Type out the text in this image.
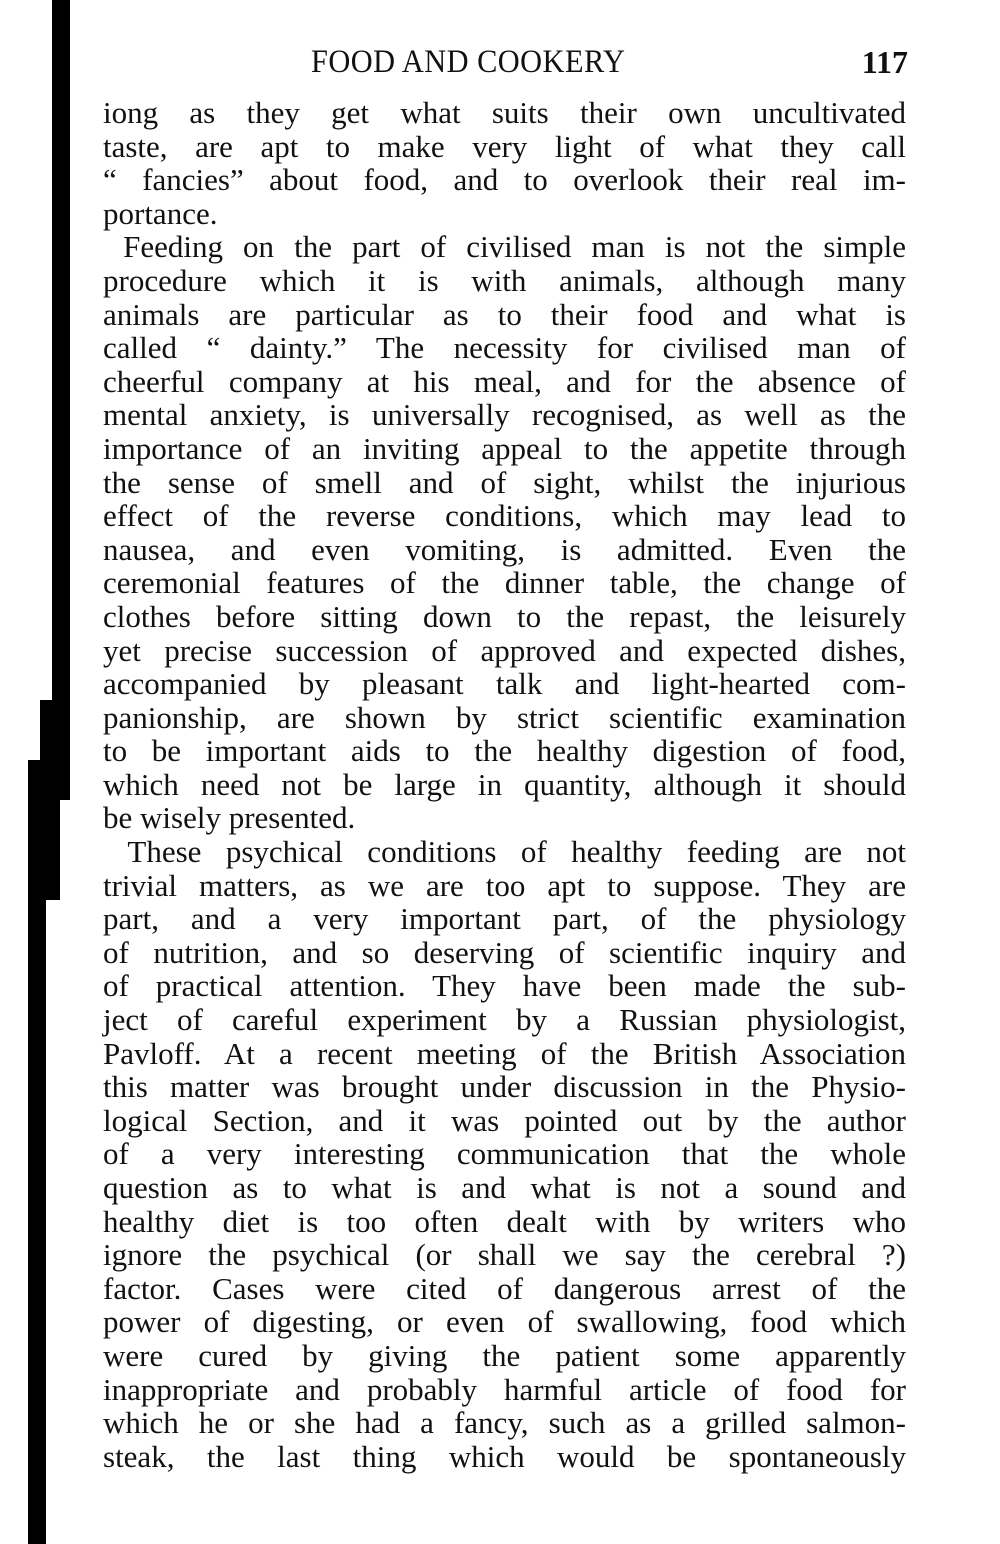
FOOD AND COOKERY	117
iong as they get what suits their own uncultivated
taste, are apt to make very light of what they call
“ fancies” about food, and to overlook their real im-
portance.
Feeding on the part of civilised man is not the simple
procedure which it is with animals, although many
animals are particular as to their food and what is
called “ dainty.” The necessity for civilised man of
cheerful company at his meal, and for the absence of
mental anxiety, is universally recognised, as well as the
importance of an inviting appeal to the appetite through
the sense of smell and of sight, whilst the injurious
effect of the reverse conditions, which may lead to
nausea, and even vomiting, is admitted. Even the
ceremonial features of the dinner table, the change of
clothes before sitting down to the repast, the leisurely
yet precise succession of approved and expected dishes,
accompanied by pleasant talk and light-hearted com-
panionship, are shown by strict scientific examination
to be important aids to the healthy digestion of food,
which need not be large in quantity, although it should
be wisely presented.
These psychical conditions of healthy feeding are not
trivial matters, as we are too apt to suppose. They are
part, and a very important part, of the physiology
of nutrition, and so deserving of scientific inquiry and
of practical attention. They have been made the sub-
ject of careful experiment by a Russian physiologist,
Pavloff. At a recent meeting of the British Association
this matter was brought under discussion in the Physio-
logical Section, and it was pointed out by the author
of a very interesting communication that the whole
question as to what is and what is not a sound and
healthy diet is too often dealt with by writers who
ignore the psychical (or shall we say the cerebral ?)
factor. Cases were cited of dangerous arrest of the
power of digesting, or even of swallowing, food which
were cured by giving the patient some apparently
inappropriate and probably harmful article of food for
which he or she had a fancy, such as a grilled salmon-
steak, the last thing which would be spontaneously
